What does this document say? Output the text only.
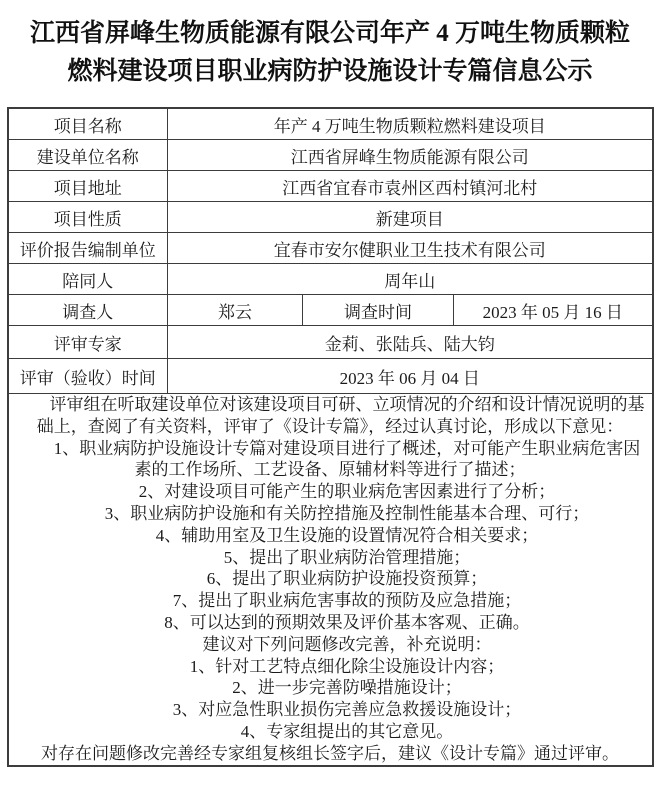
江西省屏峰生物质能源有限公司年产 4 万吨生物质颗粒
燃料建设项目职业病防护设施设计专篇信息公示
项目名称	年产 4 万吨生物质颗粒燃料建设项目		
建设单位名称	江西省屏峰生物质能源有限公司		
项目地址	江西省宜春市袁州区西村镇河北村		
项目性质	新建项目		
评价报告编制单位	宜春市安尔健职业卫生技术有限公司		
陪同人	周年山		
调查人	郑云	调查时间	2023 年 05 月 16 日
评审专家	金莉、张陆兵、陆大钧		
评审（验收）时间	2023 年 06 月 04 日		

评审组在听取建设单位对该建设项目可研、立项情况的介绍和设计情况说明的基
础上，查阅了有关资料，评审了《设计专篇》，经过认真讨论，形成以下意见：
1、职业病防护设施设计专篇对建设项目进行了概述，对可能产生职业病危害因
素的工作场所、工艺设备、原辅材料等进行了描述；
2、对建设项目可能产生的职业病危害因素进行了分析；
3、职业病防护设施和有关防控措施及控制性能基本合理、可行；
4、辅助用室及卫生设施的设置情况符合相关要求；
5、提出了职业病防治管理措施；
6、提出了职业病防护设施投资预算；
7、提出了职业病危害事故的预防及应急措施；
8、可以达到的预期效果及评价基本客观、正确。
建议对下列问题修改完善，补充说明：
1、针对工艺特点细化除尘设施设计内容；
2、进一步完善防噪措施设计；
3、对应急性职业损伤完善应急救援设施设计；
4、专家组提出的其它意见。
对存在问题修改完善经专家组复核组长签字后，建议《设计专篇》通过评审。
